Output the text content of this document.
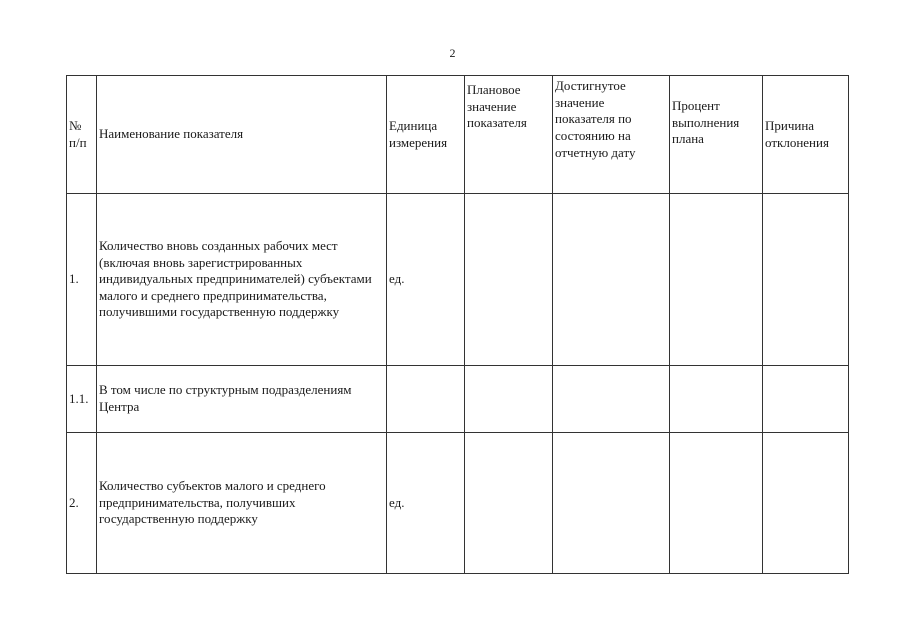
2
№ п/п	Наименование показателя	Единица измерения	Плановое значение показателя	Достигнутое значение показателя по состоянию на отчетную дату	Процент выполнения плана	Причина отклонения
1.	Количество вновь созданных рабочих мест (включая вновь зарегистрированных индивидуальных предпринимателей) субъектами малого и среднего предпринимательства, получившими государственную поддержку	ед.				
1.1.	В том числе по структурным подразделениям Центра					
2.	Количество субъектов малого и среднего предпринимательства, получивших государственную поддержку	ед.				
